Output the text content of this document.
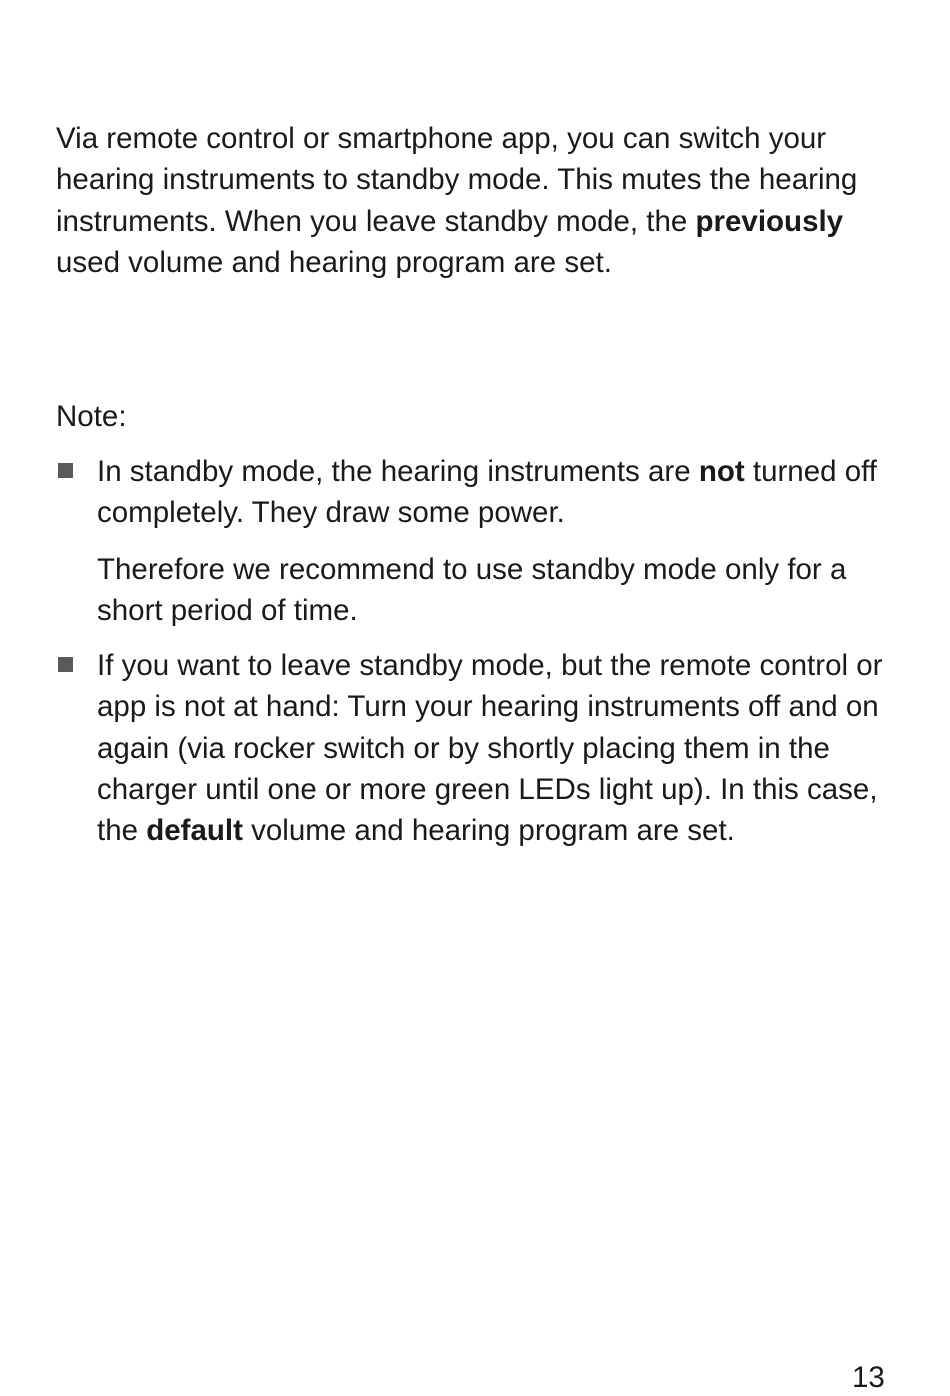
Via remote control or smartphone app, you can switch your hearing instruments to standby mode. This mutes the hearing instruments. When you leave standby mode, the previously used volume and hearing program are set.

Note:

In standby mode, the hearing instruments are not turned off completely. They draw some power.

Therefore we recommend to use standby mode only for a short period of time.

If you want to leave standby mode, but the remote control or app is not at hand: Turn your hearing instruments off and on again (via rocker switch or by shortly placing them in the charger until one or more green LEDs light up). In this case, the default volume and hearing program are set.

13
